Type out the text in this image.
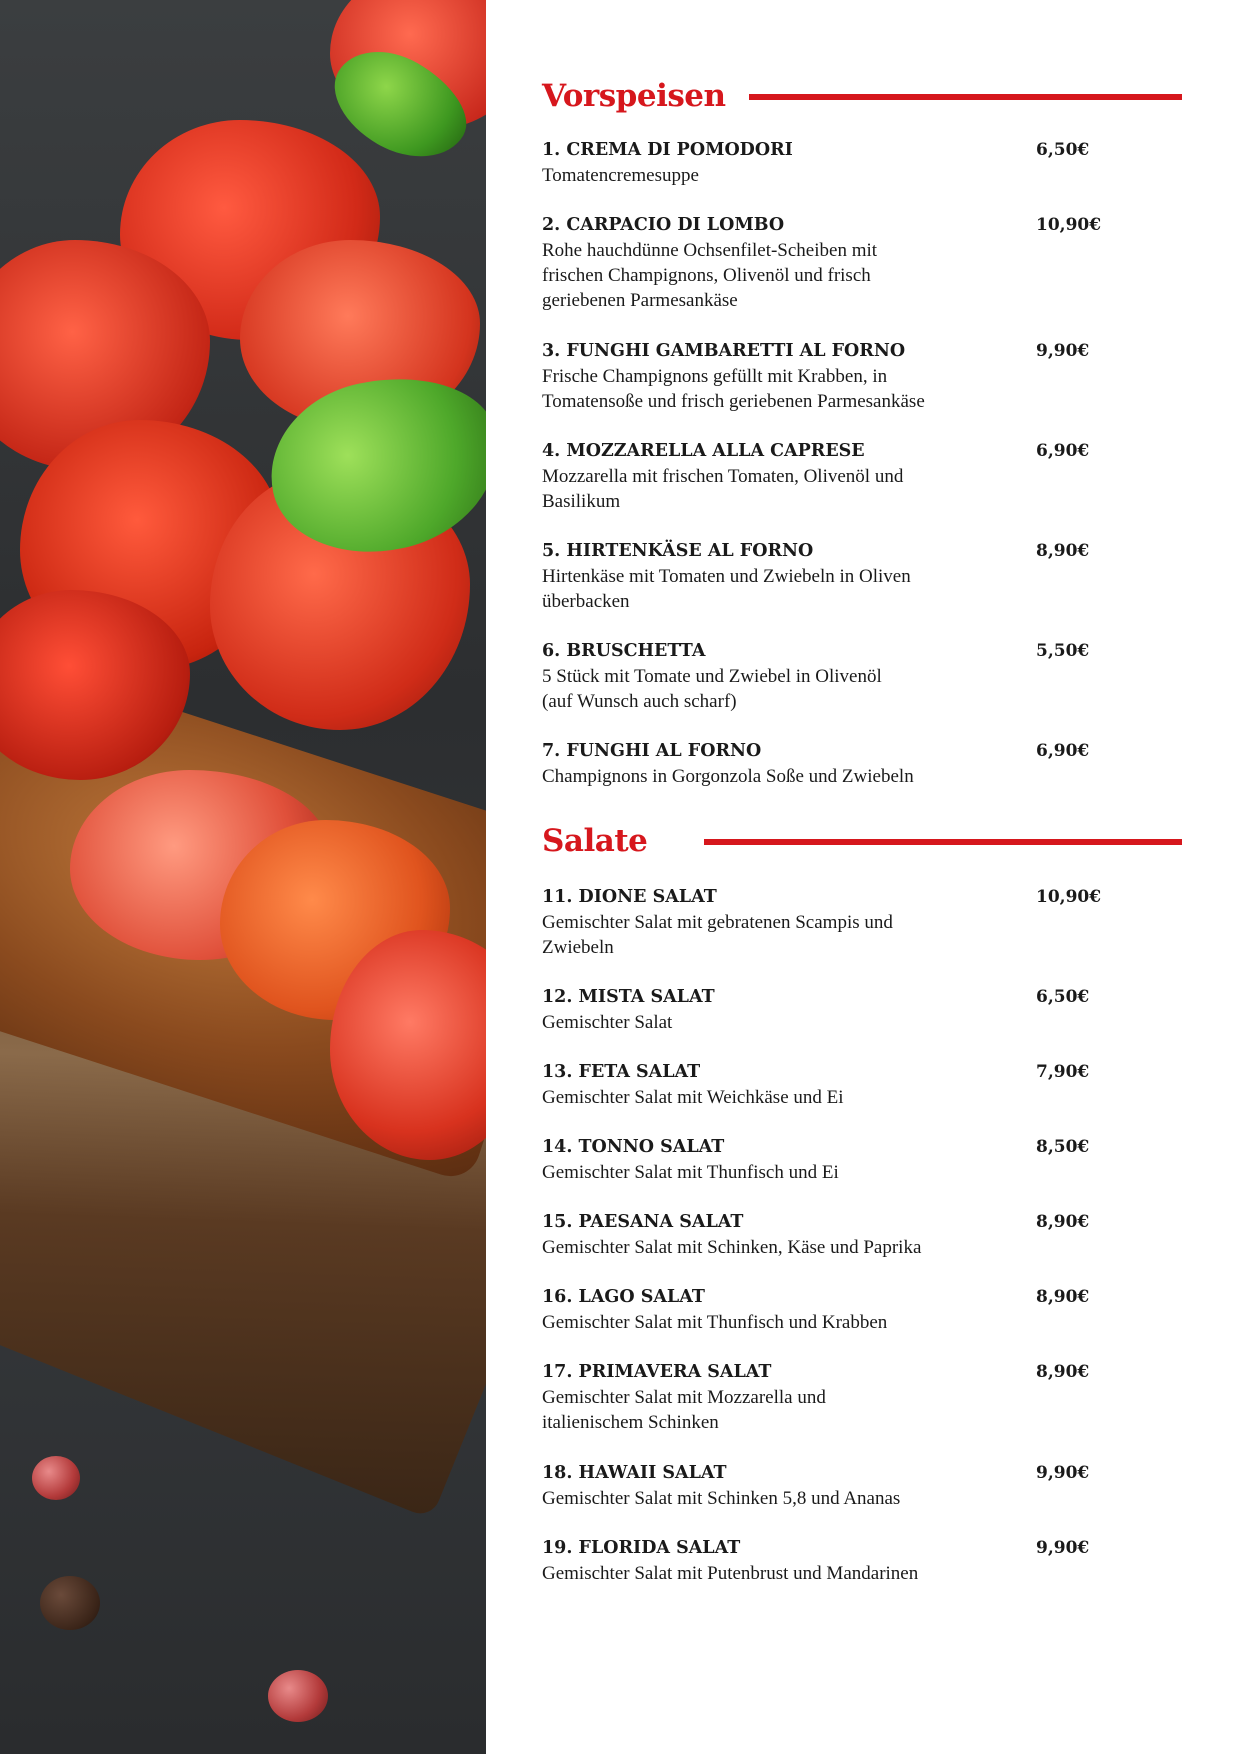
Vorspeisen
1. CREMA DI POMODORI
Tomatencremesuppe
6,50€
2. CARPACIO DI LOMBO
Rohe hauchdünne Ochsenfilet-Scheiben mit
frischen Champignons, Olivenöl und frisch
geriebenen Parmesankäse
10,90€
3. FUNGHI GAMBARETTI AL FORNO
Frische Champignons gefüllt mit Krabben, in
Tomatensoße und frisch geriebenen Parmesankäse
9,90€
4. MOZZARELLA ALLA CAPRESE
Mozzarella mit frischen Tomaten, Olivenöl und
Basilikum
6,90€
5. HIRTENKÄSE AL FORNO
Hirtenkäse mit Tomaten und Zwiebeln in Oliven
überbacken
8,90€
6. BRUSCHETTA
5 Stück mit Tomate und Zwiebel in Olivenöl
(auf Wunsch auch scharf)
5,50€
7. FUNGHI AL FORNO
Champignons in Gorgonzola Soße und Zwiebeln
6,90€
Salate
11. DIONE SALAT
Gemischter Salat mit gebratenen Scampis und
Zwiebeln
10,90€
12. MISTA SALAT
Gemischter Salat
6,50€
13. FETA SALAT
Gemischter Salat mit Weichkäse und Ei
7,90€
14. TONNO SALAT
Gemischter Salat mit Thunfisch und Ei
8,50€
15. PAESANA SALAT
Gemischter Salat mit Schinken, Käse und Paprika
8,90€
16. LAGO SALAT
Gemischter Salat mit Thunfisch und Krabben
8,90€
17. PRIMAVERA SALAT
Gemischter Salat mit Mozzarella und
italienischem Schinken
8,90€
18. HAWAII SALAT
Gemischter Salat mit Schinken 5,8 und Ananas
9,90€
19. FLORIDA SALAT
Gemischter Salat mit Putenbrust und Mandarinen
9,90€
